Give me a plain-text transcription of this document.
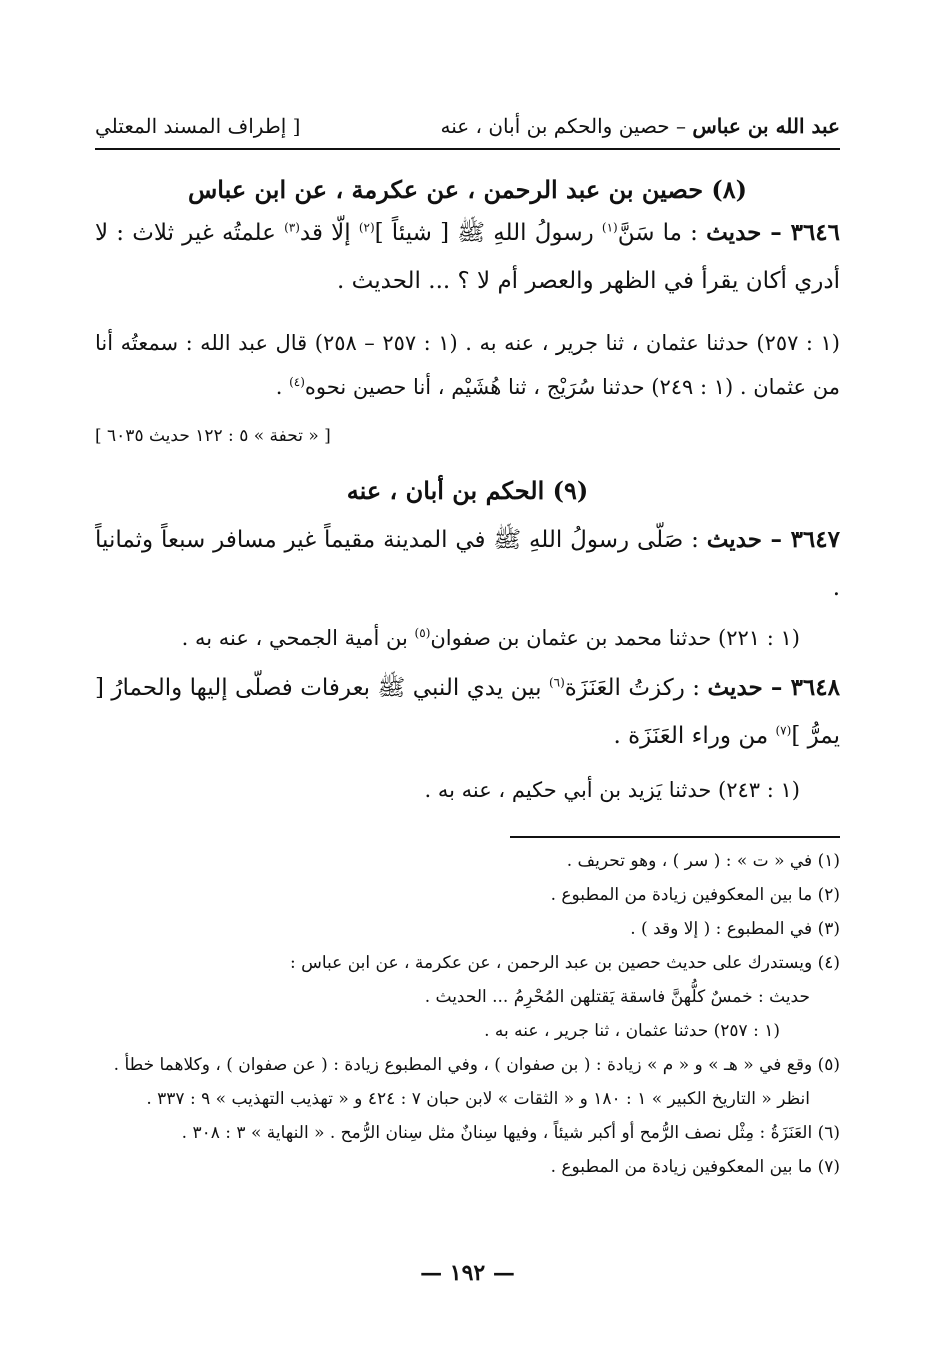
عبد الله بن عباس – حصين والحكم بن أبان ، عنه
[ إطراف المسند المعتلي
(٨) حصين بن عبد الرحمن ، عن عكرمة ، عن ابن عباس
٣٦٤٦ – حديث : ما سَنَّ$^{(١)}$ رسولُ اللهِ ﷺ [ شيئاً ]$^{(٢)}$ إلّا قد$^{(٣)}$ علمتُه غير ثلاث : لا أدري أكان يقرأ في الظهر والعصر أم لا ؟ ... الحديث .
(١ : ٢٥٧) حدثنا عثمان ، ثنا جرير ، عنه به . (١ : ٢٥٧ – ٢٥٨) قال عبد الله : سمعتُه أنا من عثمان . (١ : ٢٤٩) حدثنا سُرَيْج ، ثنا هُشَيْم ، أنا حصين نحوه$^{(٤)}$ .
[ « تحفة » ٥ : ١٢٢ حديث ٦٠٣٥ ]
(٩) الحكم بن أبان ، عنه
٣٦٤٧ – حديث : صَلّى رسولُ اللهِ ﷺ في المدينة مقيماً غير مسافر سبعاً وثمانياً .
(١ : ٢٢١) حدثنا محمد بن عثمان بن صفوان$^{(٥)}$ بن أمية الجمحي ، عنه به .
٣٦٤٨ – حديث : ركزتُ العَنَزَة$^{(٦)}$ بين يدي النبي ﷺ بعرفات فصلّى إليها والحمارُ [ يمرُّ ]$^{(٧)}$ من وراء العَنَزَة .
(١ : ٢٤٣) حدثنا يَزيد بن أبي حكيم ، عنه به .
(١) في « ت » : ( سر ) ، وهو تحريف .
(٢) ما بين المعكوفين زيادة من المطبوع .
(٣) في المطبوع : ( إلا وقد ) .
(٤) ويستدرك على حديث حصين بن عبد الرحمن ، عن عكرمة ، عن ابن عباس :
حديث : خمسٌ كلُّهنَّ فاسقة يَقتلهن المُحْرِمُ ... الحديث .
(١ : ٢٥٧) حدثنا عثمان ، ثنا جرير ، عنه به .
(٥) وقع في « هـ » و « م » زيادة : ( بن صفوان ) ، وفي المطبوع زيادة : ( عن صفوان ) ، وكلاهما خطأ .
انظر « التاريخ الكبير » ١ : ١٨٠ و « الثقات » لابن حبان ٧ : ٤٢٤ و « تهذيب التهذيب » ٩ : ٣٣٧ .
(٦) العَنَزَةُ : مِثْل نصف الرُّمح أو أكبر شيئاً ، وفيها سِنانٌ مثل سِنان الرُّمح . « النهاية » ٣ : ٣٠٨ .
(٧) ما بين المعكوفين زيادة من المطبوع .
— ١٩٢ —
